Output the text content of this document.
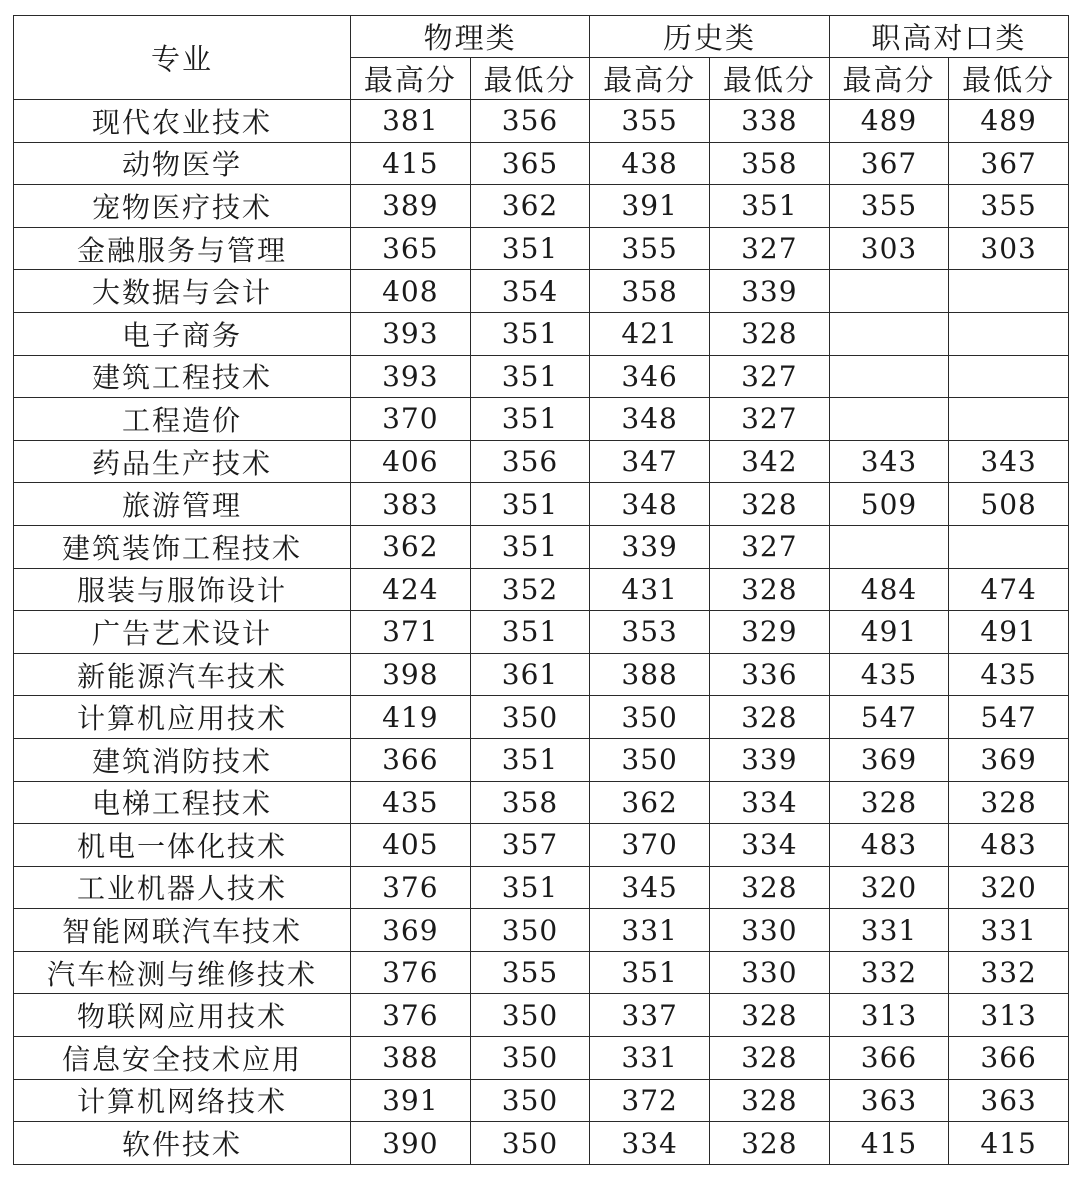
专业	物理类		历史类		职高对口类	
	最高分	最低分	最高分	最低分	最高分	最低分
现代农业技术	381	356	355	338	489	489
动物医学	415	365	438	358	367	367
宠物医疗技术	389	362	391	351	355	355
金融服务与管理	365	351	355	327	303	303
大数据与会计	408	354	358	339		
电子商务	393	351	421	328		
建筑工程技术	393	351	346	327		
工程造价	370	351	348	327		
药品生产技术	406	356	347	342	343	343
旅游管理	383	351	348	328	509	508
建筑装饰工程技术	362	351	339	327		
服装与服饰设计	424	352	431	328	484	474
广告艺术设计	371	351	353	329	491	491
新能源汽车技术	398	361	388	336	435	435
计算机应用技术	419	350	350	328	547	547
建筑消防技术	366	351	350	339	369	369
电梯工程技术	435	358	362	334	328	328
机电一体化技术	405	357	370	334	483	483
工业机器人技术	376	351	345	328	320	320
智能网联汽车技术	369	350	331	330	331	331
汽车检测与维修技术	376	355	351	330	332	332
物联网应用技术	376	350	337	328	313	313
信息安全技术应用	388	350	331	328	366	366
计算机网络技术	391	350	372	328	363	363
软件技术	390	350	334	328	415	415
